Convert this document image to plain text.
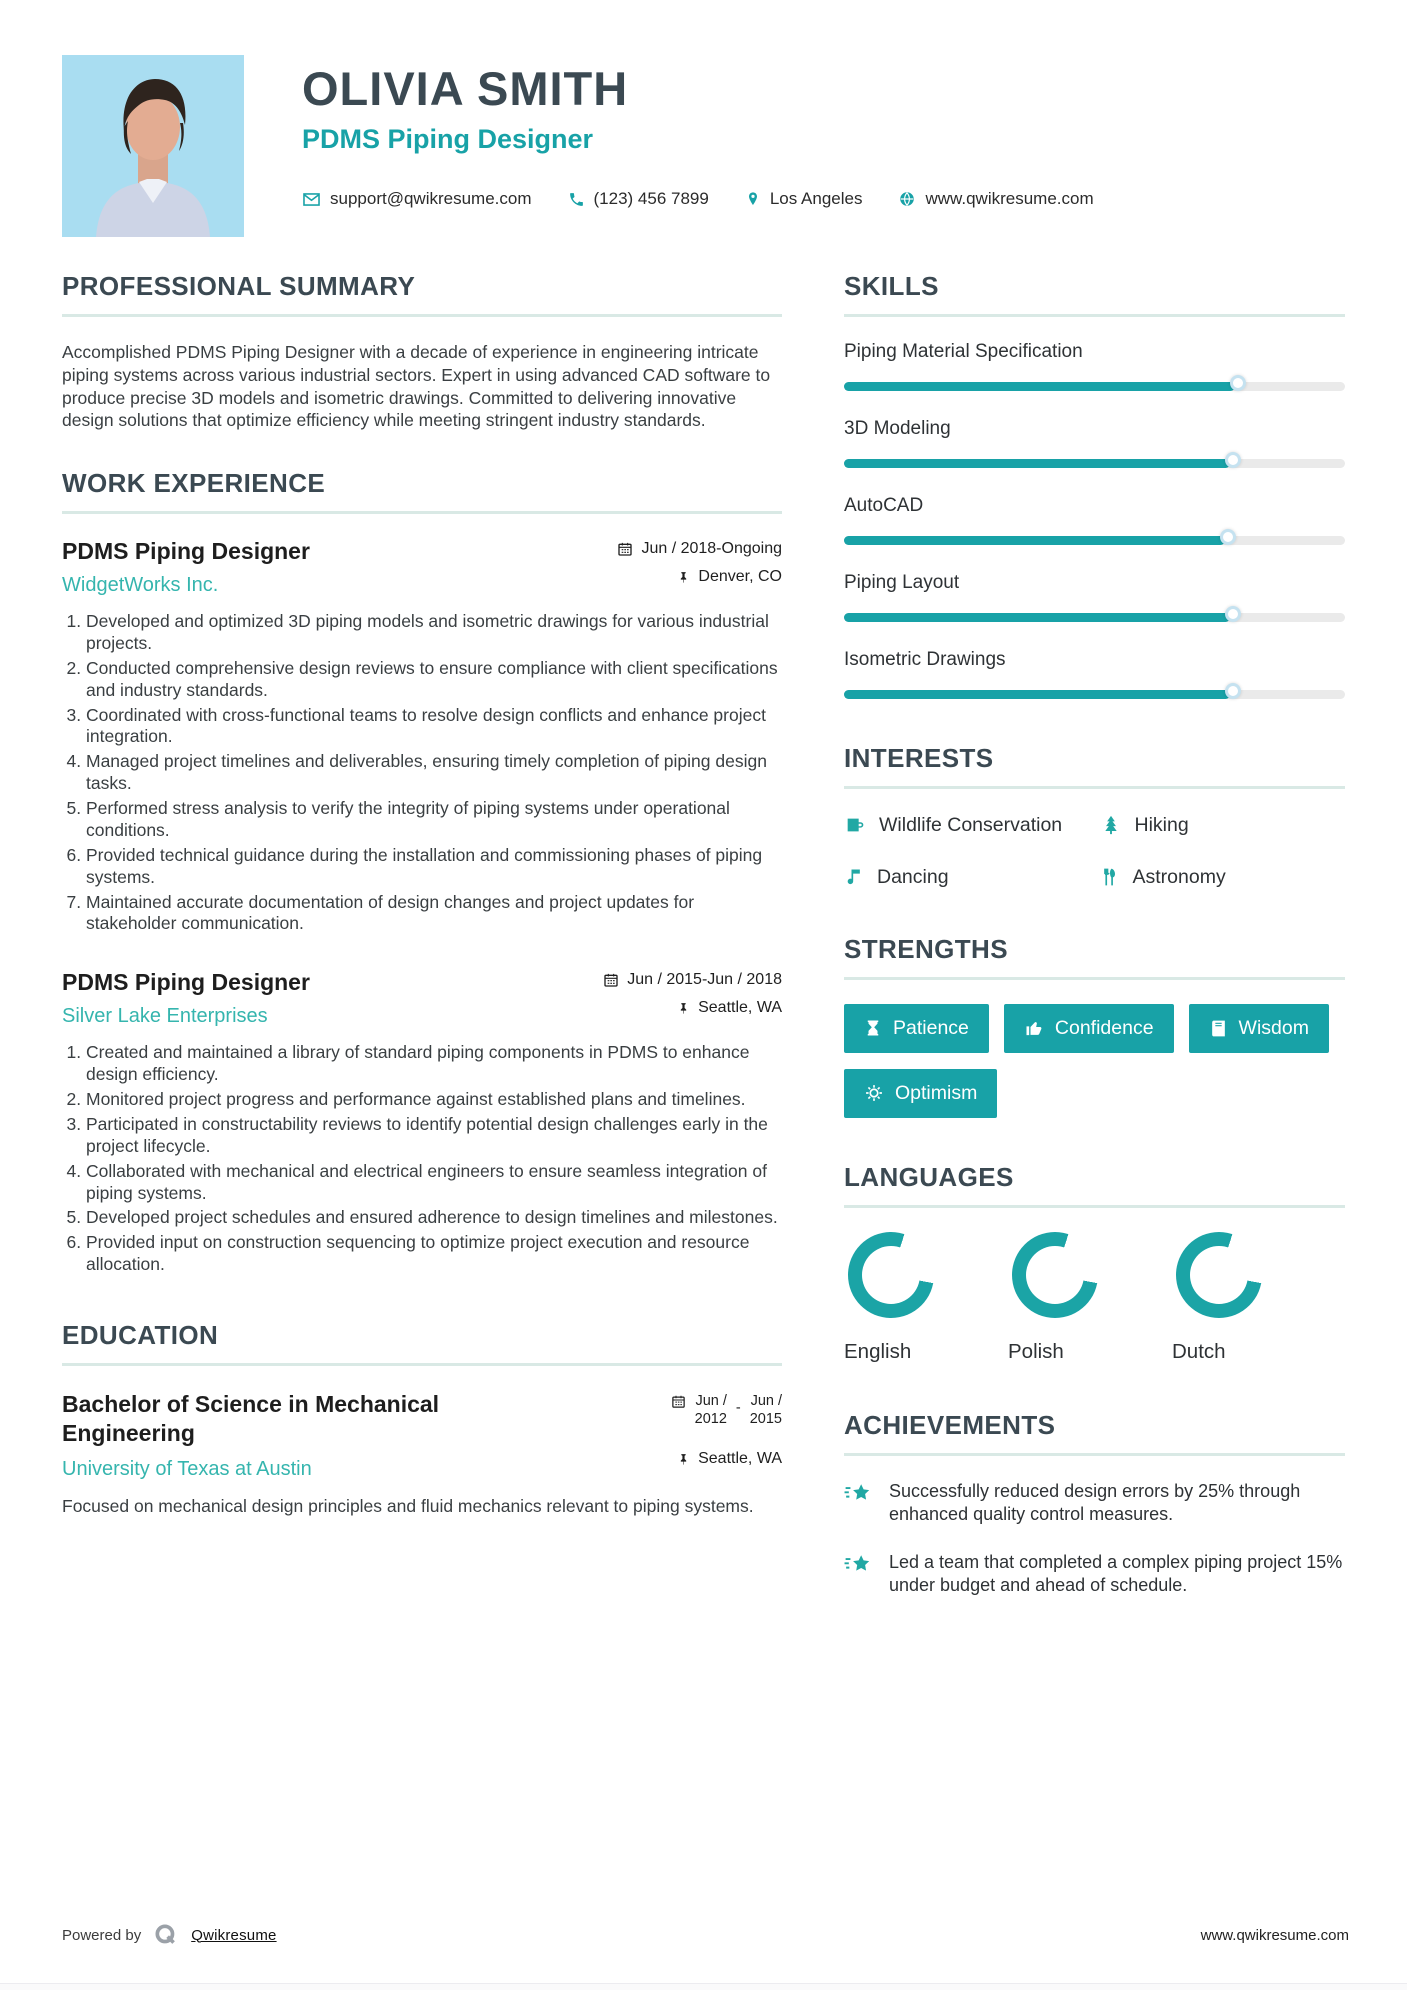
OLIVIA SMITH
PDMS Piping Designer
support@qwikresume.com	(123) 456 7899	Los Angeles	www.qwikresume.com
PROFESSIONAL SUMMARY

Accomplished PDMS Piping Designer with a decade of experience in engineering intricate piping systems across various industrial sectors. Expert in using advanced CAD software to produce precise 3D models and isometric drawings. Committed to delivering innovative design solutions that optimize efficiency while meeting stringent industry standards.

WORK EXPERIENCE
PDMS Piping Designer
WidgetWorks Inc.
Jun / 2018-Ongoing
Denver, CO
1. Developed and optimized 3D piping models and isometric drawings for various industrial projects.
2. Conducted comprehensive design reviews to ensure compliance with client specifications and industry standards.
3. Coordinated with cross-functional teams to resolve design conflicts and enhance project integration.
4. Managed project timelines and deliverables, ensuring timely completion of piping design tasks.
5. Performed stress analysis to verify the integrity of piping systems under operational conditions.
6. Provided technical guidance during the installation and commissioning phases of piping systems.
7. Maintained accurate documentation of design changes and project updates for stakeholder communication.
PDMS Piping Designer
Silver Lake Enterprises
Jun / 2015-Jun / 2018
Seattle, WA
1. Created and maintained a library of standard piping components in PDMS to enhance design efficiency.
2. Monitored project progress and performance against established plans and timelines.
3. Participated in constructability reviews to identify potential design challenges early in the project lifecycle.
4. Collaborated with mechanical and electrical engineers to ensure seamless integration of piping systems.
5. Developed project schedules and ensured adherence to design timelines and milestones.
6. Provided input on construction sequencing to optimize project execution and resource allocation.
EDUCATION
Bachelor of Science in Mechanical Engineering
University of Texas at Austin
Jun /
2012
- Jun /
2015
Seattle, WA

Focused on mechanical design principles and fluid mechanics relevant to piping systems.

SKILLS
Piping Material Specification
3D Modeling
AutoCAD
Piping Layout
Isometric Drawings
INTERESTS
Wildlife Conservation	Hiking
Dancing	Astronomy
STRENGTHS
Patience	Confidence	Wisdom
Optimism
LANGUAGES
English	Polish	Dutch
ACHIEVEMENTS
Successfully reduced design errors by 25% through enhanced quality control measures.
Led a team that completed a complex piping project 15% under budget and ahead of schedule.
Powered by	Qwikresume	www.qwikresume.com
